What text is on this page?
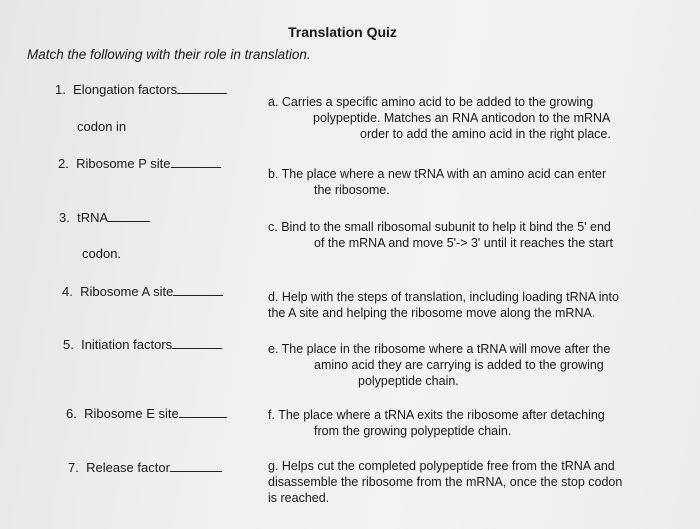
Translation Quiz
Match the following with their role in translation.
1. Elongation factors
codon in
2. Ribosome P site
3. tRNA
codon.
4. Ribosome A site
5. Initiation factors
6. Ribosome E site
7. Release factor
a. Carries a specific amino acid to be added to the growing
polypeptide. Matches an RNA anticodon to the mRNA
order to add the amino acid in the right place.
b. The place where a new tRNA with an amino acid can enter
the ribosome.
c. Bind to the small ribosomal subunit to help it bind the 5' end
of the mRNA and move 5'-> 3' until it reaches the start
d. Help with the steps of translation, including loading tRNA into
the A site and helping the ribosome move along the mRNA.
e. The place in the ribosome where a tRNA will move after the
amino acid they are carrying is added to the growing
polypeptide chain.
f. The place where a tRNA exits the ribosome after detaching
from the growing polypeptide chain.
g. Helps cut the completed polypeptide free from the tRNA and
disassemble the ribosome from the mRNA, once the stop codon
is reached.
